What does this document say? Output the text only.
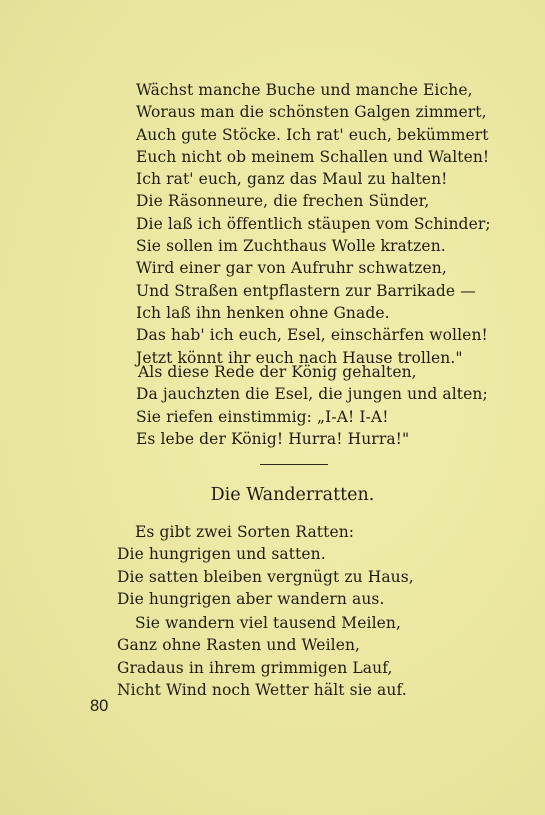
Wächst manche Buche und manche Eiche,
Woraus man die schönsten Galgen zimmert,
Auch gute Stöcke. Ich rat' euch, bekümmert
Euch nicht ob meinem Schallen und Walten!
Ich rat' euch, ganz das Maul zu halten!
Die Räsonneure, die frechen Sünder,
Die laß ich öffentlich stäupen vom Schinder;
Sie sollen im Zuchthaus Wolle kratzen.
Wird einer gar von Aufruhr schwatzen,
Und Straßen entpflastern zur Barrikade —
Ich laß ihn henken ohne Gnade.
Das hab' ich euch, Esel, einschärfen wollen!
Jetzt könnt ihr euch nach Hause trollen."
Als diese Rede der König gehalten,
Da jauchzten die Esel, die jungen und alten;
Sie riefen einstimmig: „I-A! I-A!
Es lebe der König! Hurra! Hurra!"
Die Wanderratten.
Es gibt zwei Sorten Ratten:
Die hungrigen und satten.
Die satten bleiben vergnügt zu Haus,
Die hungrigen aber wandern aus.
Sie wandern viel tausend Meilen,
Ganz ohne Rasten und Weilen,
Gradaus in ihrem grimmigen Lauf,
Nicht Wind noch Wetter hält sie auf.
80
